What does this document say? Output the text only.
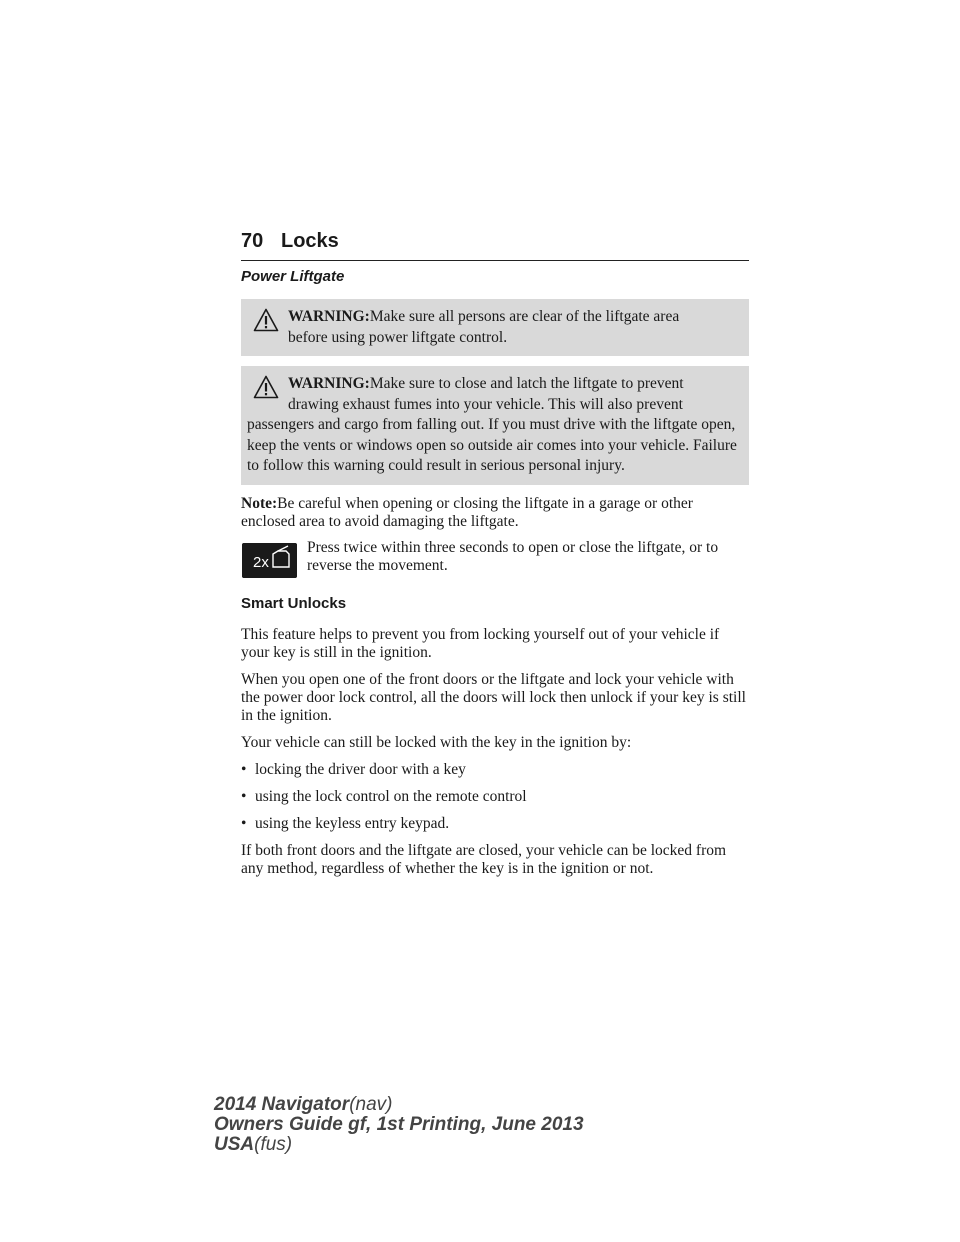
70 Locks
Power Liftgate

WARNING:Make sure all persons are clear of the liftgate area

before using power liftgate control.

WARNING:Make sure to close and latch the liftgate to prevent

drawing exhaust fumes into your vehicle. This will also prevent passengers and cargo from falling out. If you must drive with the liftgate open, keep the vents or windows open so outside air comes into your vehicle. Failure to follow this warning could result in serious personal injury.

Note:Be careful when opening or closing the liftgate in a garage or other enclosed area to avoid damaging the liftgate.

2x

Press twice within three seconds to open or close the liftgate, or to reverse the movement.

Smart Unlocks

This feature helps to prevent you from locking yourself out of your vehicle if your key is still in the ignition.

When you open one of the front doors or the liftgate and lock your vehicle with the power door lock control, all the doors will lock then unlock if your key is still in the ignition.

Your vehicle can still be locked with the key in the ignition by:

• locking the driver door with a key
• using the lock control on the remote control
• using the keyless entry keypad.

If both front doors and the liftgate are closed, your vehicle can be locked from any method, regardless of whether the key is in the ignition or not.

2014 Navigator(nav)
Owners Guide gf, 1st Printing, June 2013
USA(fus)
